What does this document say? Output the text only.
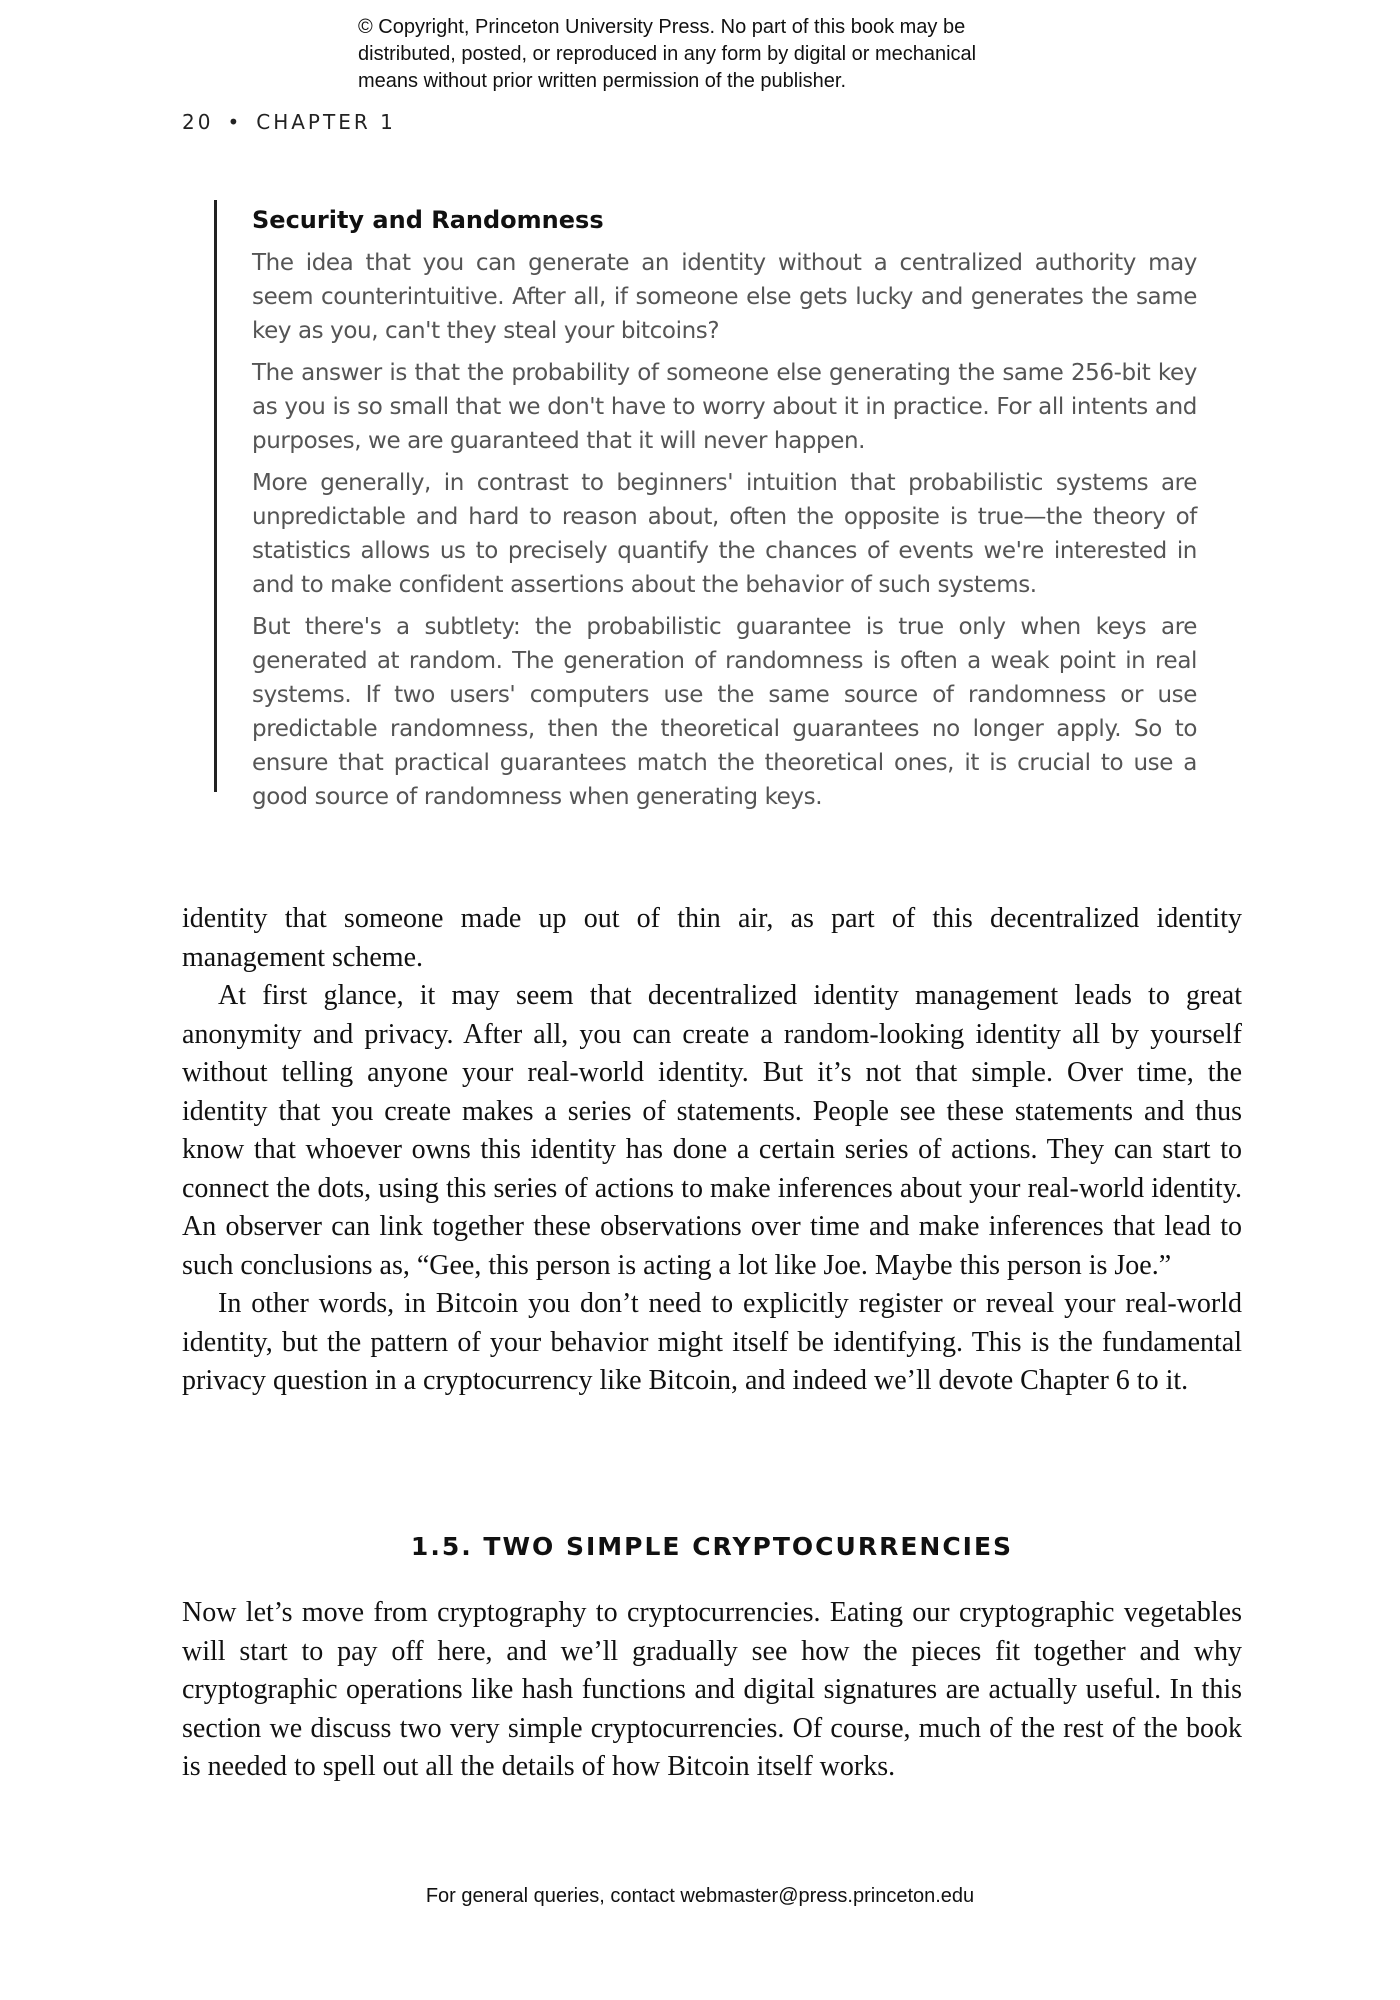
© Copyright, Princeton University Press. No part of this book may be
distributed, posted, or reproduced in any form by digital or mechanical
means without prior written permission of the publisher.
20 • CHAPTER 1
Security and Randomness

The idea that you can generate an identity without a centralized authority may seem counterintuitive. After all, if someone else gets lucky and generates the same key as you, can't they steal your bitcoins?

The answer is that the probability of someone else generating the same 256-bit key as you is so small that we don't have to worry about it in practice. For all intents and purposes, we are guaranteed that it will never happen.

More generally, in contrast to beginners' intuition that probabilistic systems are unpredictable and hard to reason about, often the opposite is true—the theory of statistics allows us to precisely quantify the chances of events we're interested in and to make confident assertions about the behavior of such systems.

But there's a subtlety: the probabilistic guarantee is true only when keys are generated at random. The generation of randomness is often a weak point in real systems. If two users' computers use the same source of randomness or use predictable randomness, then the theoretical guarantees no longer apply. So to ensure that practical guarantees match the theoretical ones, it is crucial to use a good source of randomness when generating keys.

identity that someone made up out of thin air, as part of this decentralized identity management scheme.

At first glance, it may seem that decentralized identity management leads to great anonymity and privacy. After all, you can create a random-looking identity all by yourself without telling anyone your real-world identity. But it’s not that simple. Over time, the identity that you create makes a series of statements. People see these statements and thus know that whoever owns this identity has done a certain series of actions. They can start to connect the dots, using this series of actions to make inferences about your real-world identity. An observer can link together these observations over time and make inferences that lead to such conclusions as, “Gee, this person is acting a lot like Joe. Maybe this person is Joe.”

In other words, in Bitcoin you don’t need to explicitly register or reveal your real-world identity, but the pattern of your behavior might itself be identifying. This is the fundamental privacy question in a cryptocurrency like Bitcoin, and indeed we’ll devote Chapter 6 to it.

1.5. TWO SIMPLE CRYPTOCURRENCIES

Now let’s move from cryptography to cryptocurrencies. Eating our cryptographic vegetables will start to pay off here, and we’ll gradually see how the pieces fit together and why cryptographic operations like hash functions and digital signatures are actually useful. In this section we discuss two very simple cryptocurrencies. Of course, much of the rest of the book is needed to spell out all the details of how Bitcoin itself works.

For general queries, contact webmaster@press.princeton.edu
